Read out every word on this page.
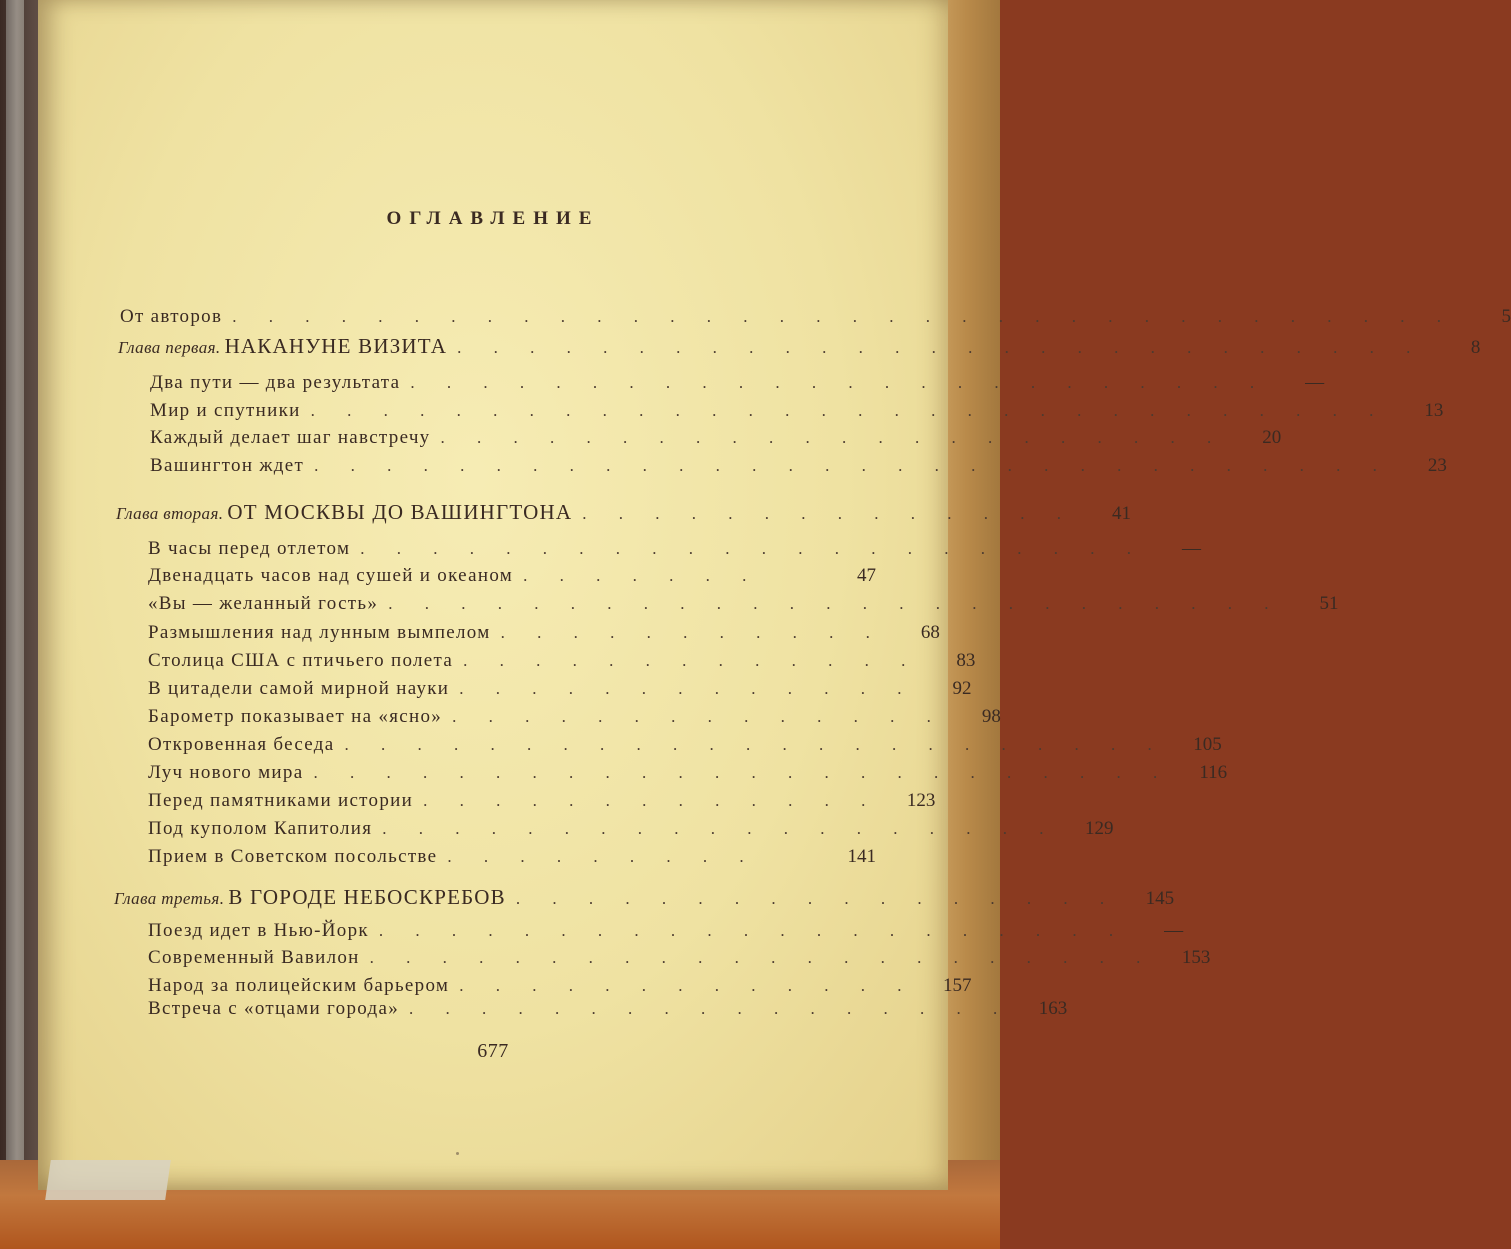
ОГЛАВЛЕНИЕ
От авторов . . . . . . . . . . . . . . . . . . . . . . . . . . . . . . . . . .	5
Глава первая.
НАКАНУНЕ ВИЗИТА . . . . . . . . . . . . . . . . . . . . . . . . . . .	8
Два пути — два результата . . . . . . . . . . . . . . . . . . . . . . . .	—
Мир и спутники . . . . . . . . . . . . . . . . . . . . . . . . . . . . . .	13
Каждый делает шаг навстречу . . . . . . . . . . . . . . . . . . . . . .	20
Вашингтон ждет . . . . . . . . . . . . . . . . . . . . . . . . . . . . . .	23
Глава вторая.
ОТ МОСКВЫ ДО ВАШИНГТОНА . . . . . . . . . . . . . .	41
В часы перед отлетом . . . . . . . . . . . . . . . . . . . . . .	—
Двенадцать часов над сушей и океаном . . . . . . .	47
«Вы — желанный гость» . . . . . . . . . . . . . . . . . . . . . . . . .	51
Размышления над лунным вымпелом . . . . . . . . . . .	68
Столица США с птичьего полета . . . . . . . . . . . . .	83
В цитадели самой мирной науки . . . . . . . . . . . . .	92
Барометр показывает на «ясно» . . . . . . . . . . . . . .	98
Откровенная беседа . . . . . . . . . . . . . . . . . . . . . . .	105
Луч нового мира . . . . . . . . . . . . . . . . . . . . . . . .	116
Перед памятниками истории . . . . . . . . . . . . .	123
Под куполом Капитолия . . . . . . . . . . . . . . . . . . .	129
Прием в Советском посольстве . . . . . . . . .	141
Глава третья.
В ГОРОДЕ НЕБОСКРЕБОВ . . . . . . . . . . . . . . . . .	145
Поезд идет в Нью-Йорк . . . . . . . . . . . . . . . . . . . . .	—
Современный Вавилон . . . . . . . . . . . . . . . . . . . . . .	153
Народ за полицейским барьером . . . . . . . . . . . . .	157
Встреча с «отцами города» . . . . . . . . . . . . . . . . .	163
677
